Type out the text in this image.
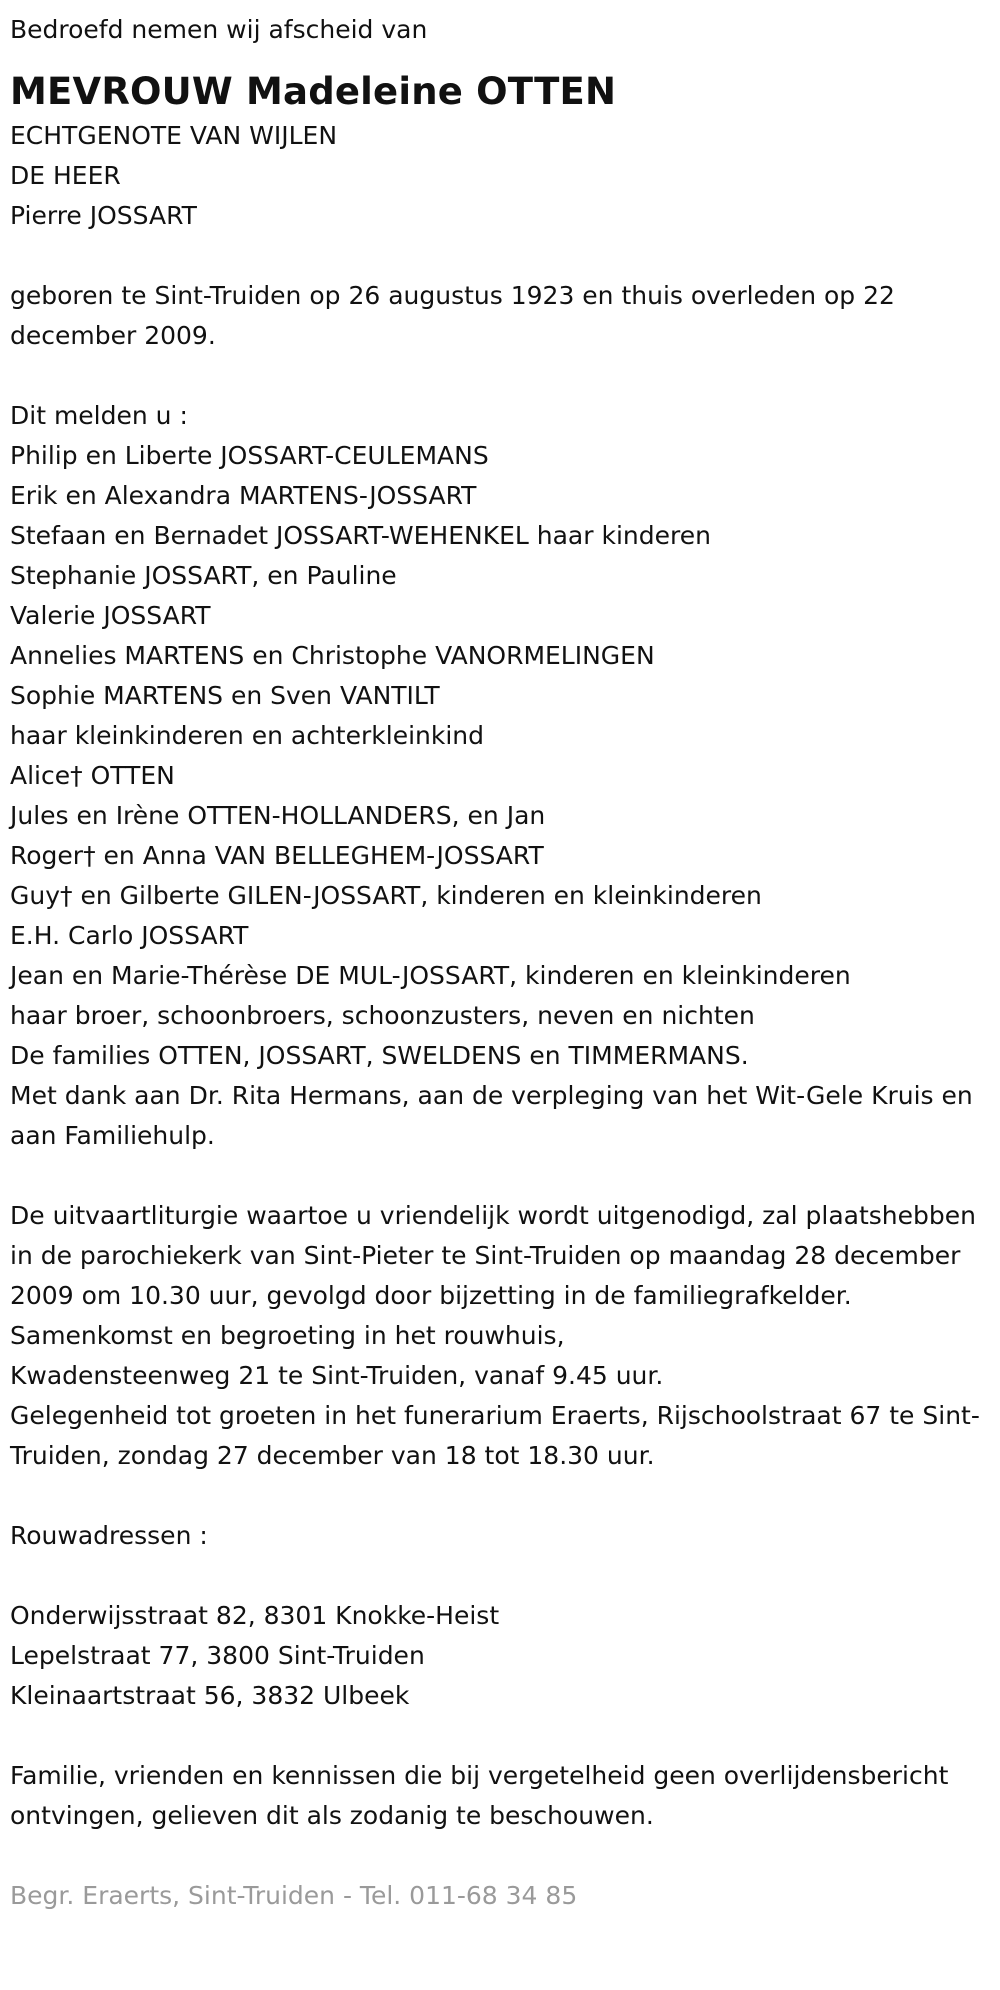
Bedroefd nemen wij afscheid van
MEVROUW Madeleine OTTEN
ECHTGENOTE VAN WIJLEN
DE HEER
Pierre JOSSART
geboren te Sint-Truiden op 26 augustus 1923 en thuis overleden op 22 december 2009.
Dit melden u :
Philip en Liberte JOSSART-CEULEMANS
Erik en Alexandra MARTENS-JOSSART
Stefaan en Bernadet JOSSART-WEHENKEL haar kinderen
Stephanie JOSSART, en Pauline
Valerie JOSSART
Annelies MARTENS en Christophe VANORMELINGEN
Sophie MARTENS en Sven VANTILT
haar kleinkinderen en achterkleinkind
Alice† OTTEN
Jules en Irène OTTEN-HOLLANDERS, en Jan
Roger† en Anna VAN BELLEGHEM-JOSSART
Guy† en Gilberte GILEN-JOSSART, kinderen en kleinkinderen
E.H. Carlo JOSSART
Jean en Marie-Thérèse DE MUL-JOSSART, kinderen en kleinkinderen
haar broer, schoonbroers, schoonzusters, neven en nichten
De families OTTEN, JOSSART, SWELDENS en TIMMERMANS.
Met dank aan Dr. Rita Hermans, aan de verpleging van het Wit-Gele Kruis en aan Familiehulp.
De uitvaartliturgie waartoe u vriendelijk wordt uitgenodigd, zal plaatshebben in de parochiekerk van Sint-Pieter te Sint-Truiden op maandag 28 december 2009 om 10.30 uur, gevolgd door bijzetting in de familiegrafkelder.
Samenkomst en begroeting in het rouwhuis,
Kwadensteenweg 21 te Sint-Truiden, vanaf 9.45 uur.
Gelegenheid tot groeten in het funerarium Eraerts, Rijschoolstraat 67 te Sint-Truiden, zondag 27 december van 18 tot 18.30 uur.
Rouwadressen :
Onderwijsstraat 82, 8301 Knokke-Heist
Lepelstraat 77, 3800 Sint-Truiden
Kleinaartstraat 56, 3832 Ulbeek
Familie, vrienden en kennissen die bij vergetelheid geen overlijdensbericht ontvingen, gelieven dit als zodanig te beschouwen.
Begr. Eraerts, Sint-Truiden - Tel. 011-68 34 85
